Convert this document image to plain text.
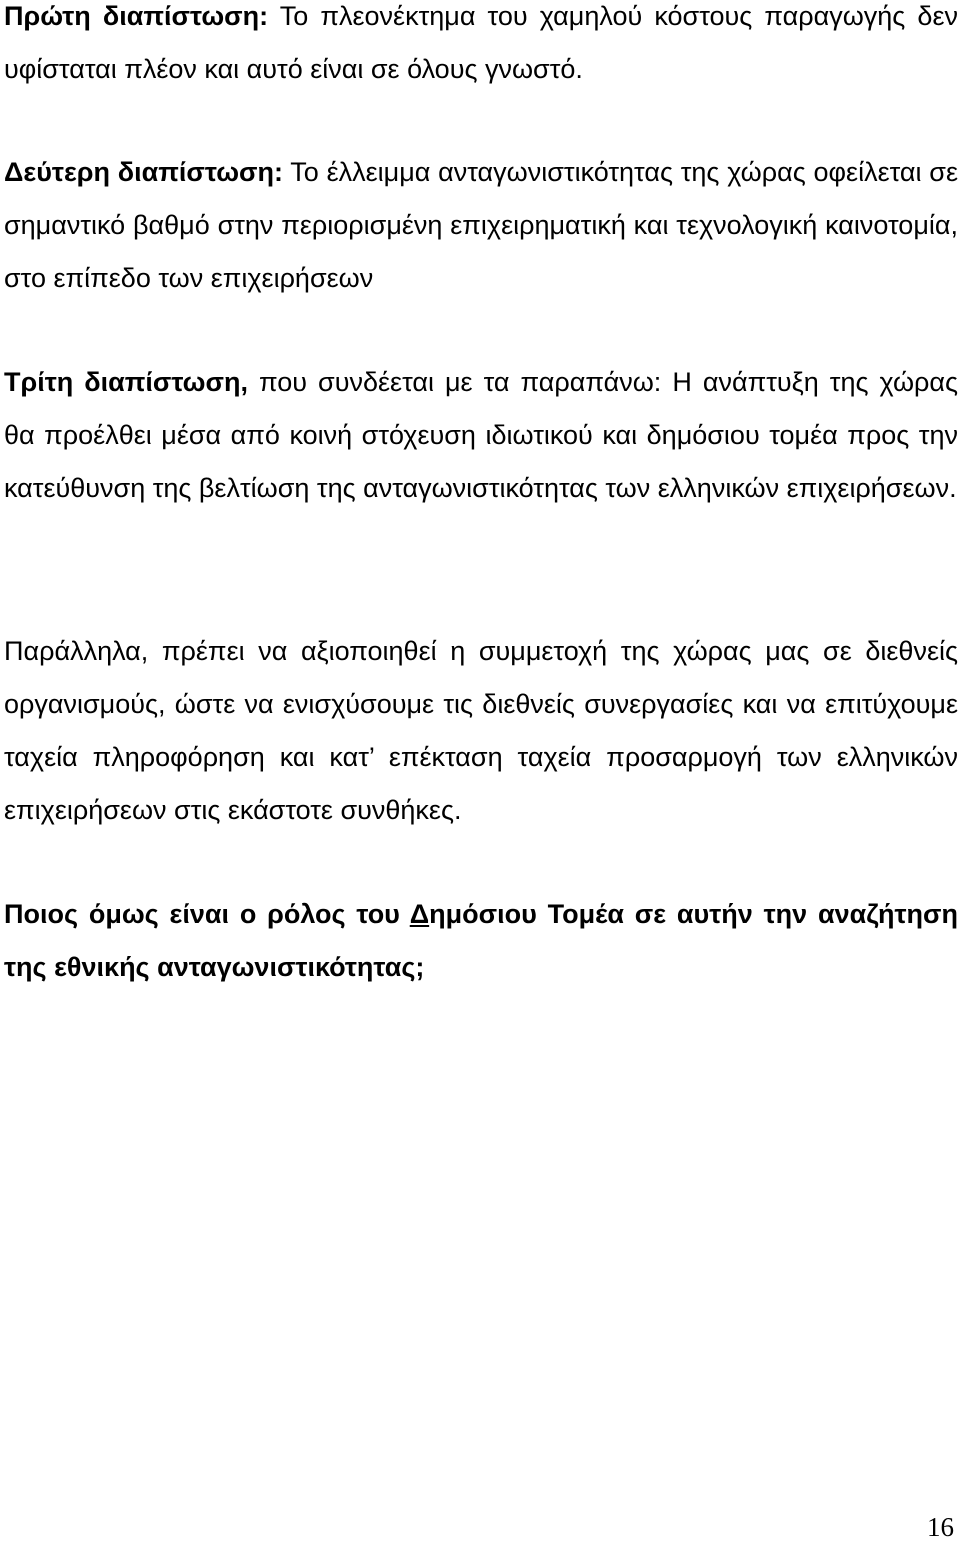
Πρώτη διαπίστωση: Το πλεονέκτημα του χαμηλού κόστους παραγωγής δεν υφίσταται πλέον και αυτό είναι σε όλους γνωστό.

Δεύτερη διαπίστωση: Το έλλειμμα ανταγωνιστικότητας της χώρας οφείλεται σε σημαντικό βαθμό στην περιορισμένη επιχειρηματική και τεχνολογική καινοτομία, στο επίπεδο των επιχειρήσεων

Τρίτη διαπίστωση, που συνδέεται με τα παραπάνω: Η ανάπτυξη της χώρας θα προέλθει μέσα από κοινή στόχευση ιδιωτικού και δημόσιου τομέα προς την κατεύθυνση της βελτίωση της ανταγωνιστικότητας των ελληνικών επιχειρήσεων.

Παράλληλα, πρέπει να αξιοποιηθεί η συμμετοχή της χώρας μας σε διεθνείς οργανισμούς, ώστε να ενισχύσουμε τις διεθνείς συνεργασίες και να επιτύχουμε ταχεία πληροφόρηση και κατ’ επέκταση ταχεία προσαρμογή των ελληνικών επιχειρήσεων στις εκάστοτε συνθήκες.

Ποιος όμως είναι ο ρόλος του Δημόσιου Τομέα σε αυτήν την αναζήτηση της εθνικής ανταγωνιστικότητας;

16
